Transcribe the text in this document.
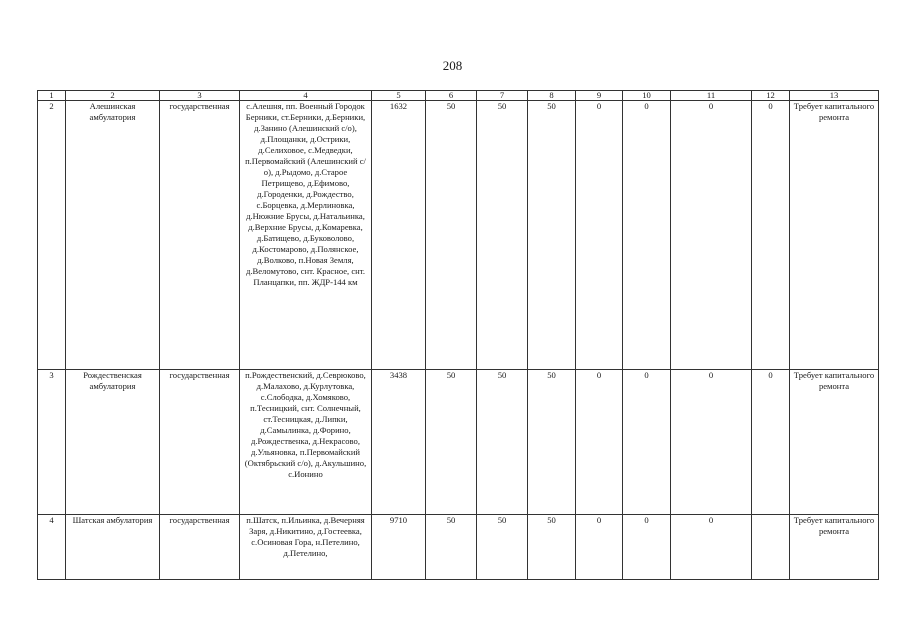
208
1	2	3	4	5	6	7	8	9	10	11	12	13
2	Алешинская амбулатория	государственная	с.Алешня, пп. Военный Городок Берники, ст.Берники, д.Берники, д.Занино (Алешинский с/о), д.Площанки, д.Острики, д.Селиховое, с.Медведки, п.Первомайский (Алешинский с/о), д.Рыдомо, д.Старое Петрищево, д.Ефимово, д.Городенки, д.Рождество, с.Борцевка, д.Мерлиновка, д.Нюжние Брусы, д.Натальинка, д.Верхние Брусы, д.Комаревка, д.Батищево, д.Буковолово, д.Костомарово, д.Полянское, д.Волково, п.Новая Земля, д.Веломутово, снт. Красное, снт. Планцапки, пп. ЖДР-144 км	1632	50	50	50	0	0	0	0	Требует капитального ремонта
3	Рождественская амбулатория	государственная	п.Рождественский, д.Севрюково, д.Малахово, д.Курлутовка, с.Слободка, д.Хомяково, п.Тесницкий, снт. Солнечный, ст.Тесницкая, д.Липки, д.Самылинка, д.Форино, д.Рождественка, д.Некрасово, д.Ульяновка, п.Первомайский (Октябрьский с/о), д.Акульшино, с.Ионино	3438	50	50	50	0	0	0	0	Требует капитального ремонта
4	Шатская амбулатория	государственная	п.Шатск, п.Ильинка, д.Вечерняя Заря, д.Никитино, д.Гостеевка, с.Осиновая Гора, н.Петелино, д.Петелино,	9710	50	50	50	0	0	0		Требует капитального ремонта
